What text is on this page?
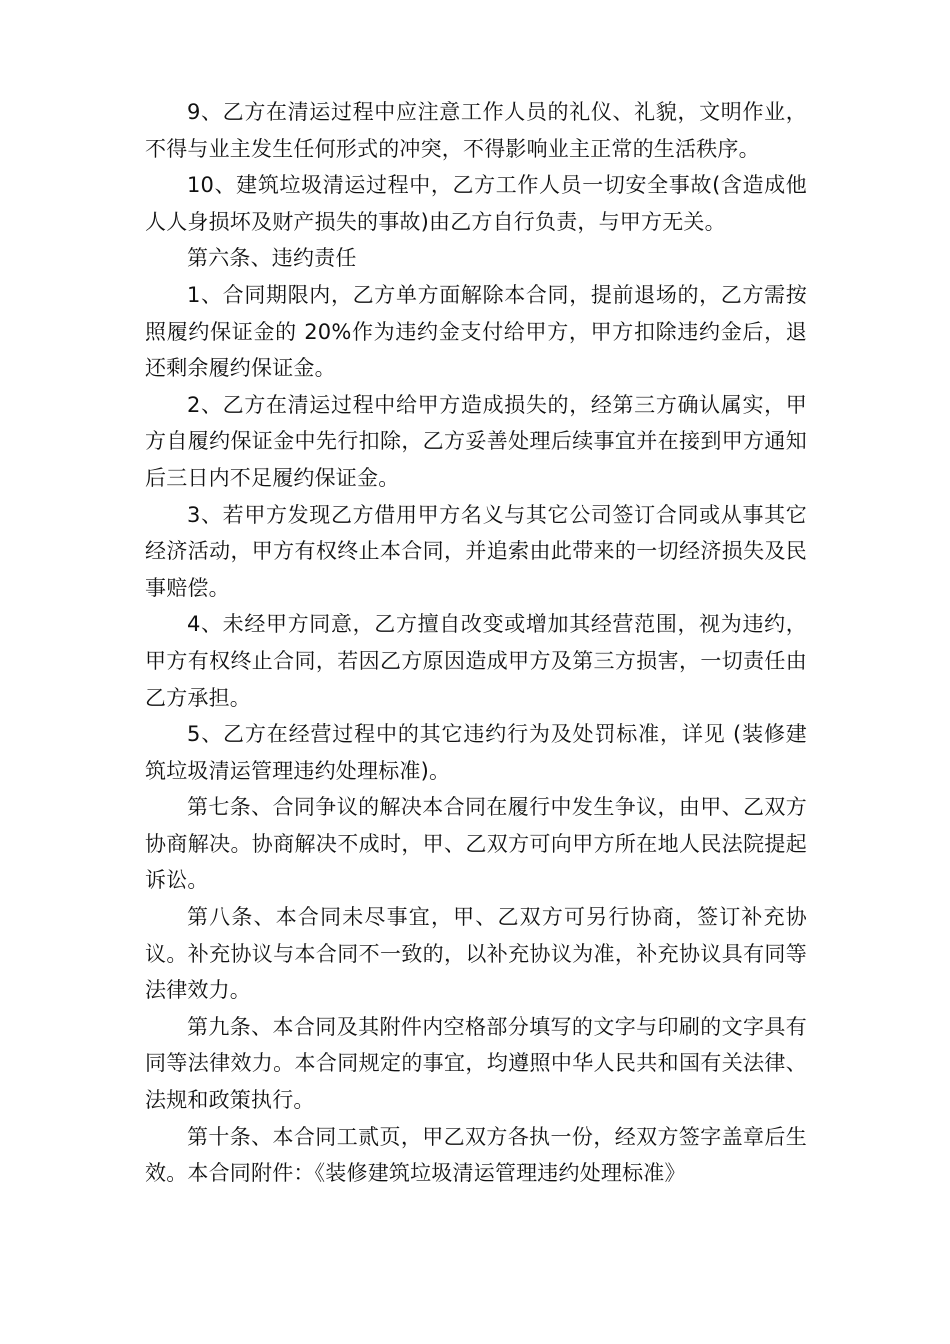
9、乙方在清运过程中应注意工作人员的礼仪、礼貌，文明作业，不得与业主发生任何形式的冲突，不得影响业主正常的生活秩序。

10、建筑垃圾清运过程中，乙方工作人员一切安全事故(含造成他人人身损坏及财产损失的事故)由乙方自行负责，与甲方无关。

第六条、违约责任

1、合同期限内，乙方单方面解除本合同，提前退场的，乙方需按照履约保证金的 20%作为违约金支付给甲方，甲方扣除违约金后，退还剩余履约保证金。

2、乙方在清运过程中给甲方造成损失的，经第三方确认属实，甲方自履约保证金中先行扣除，乙方妥善处理后续事宜并在接到甲方通知后三日内不足履约保证金。

3、若甲方发现乙方借用甲方名义与其它公司签订合同或从事其它经济活动，甲方有权终止本合同，并追索由此带来的一切经济损失及民事赔偿。

4、未经甲方同意，乙方擅自改变或增加其经营范围，视为违约，甲方有权终止合同，若因乙方原因造成甲方及第三方损害，一切责任由乙方承担。

5、乙方在经营过程中的其它违约行为及处罚标准，详见 (装修建筑垃圾清运管理违约处理标准)。

第七条、合同争议的解决本合同在履行中发生争议，由甲、乙双方协商解决。协商解决不成时，甲、乙双方可向甲方所在地人民法院提起诉讼。

第八条、本合同未尽事宜，甲、乙双方可另行协商，签订补充协议。补充协议与本合同不一致的，以补充协议为准，补充协议具有同等法律效力。

第九条、本合同及其附件内空格部分填写的文字与印刷的文字具有同等法律效力。本合同规定的事宜，均遵照中华人民共和国有关法律、法规和政策执行。

第十条、本合同工贰页，甲乙双方各执一份，经双方签字盖章后生效。本合同附件：《装修建筑垃圾清运管理违约处理标准》
